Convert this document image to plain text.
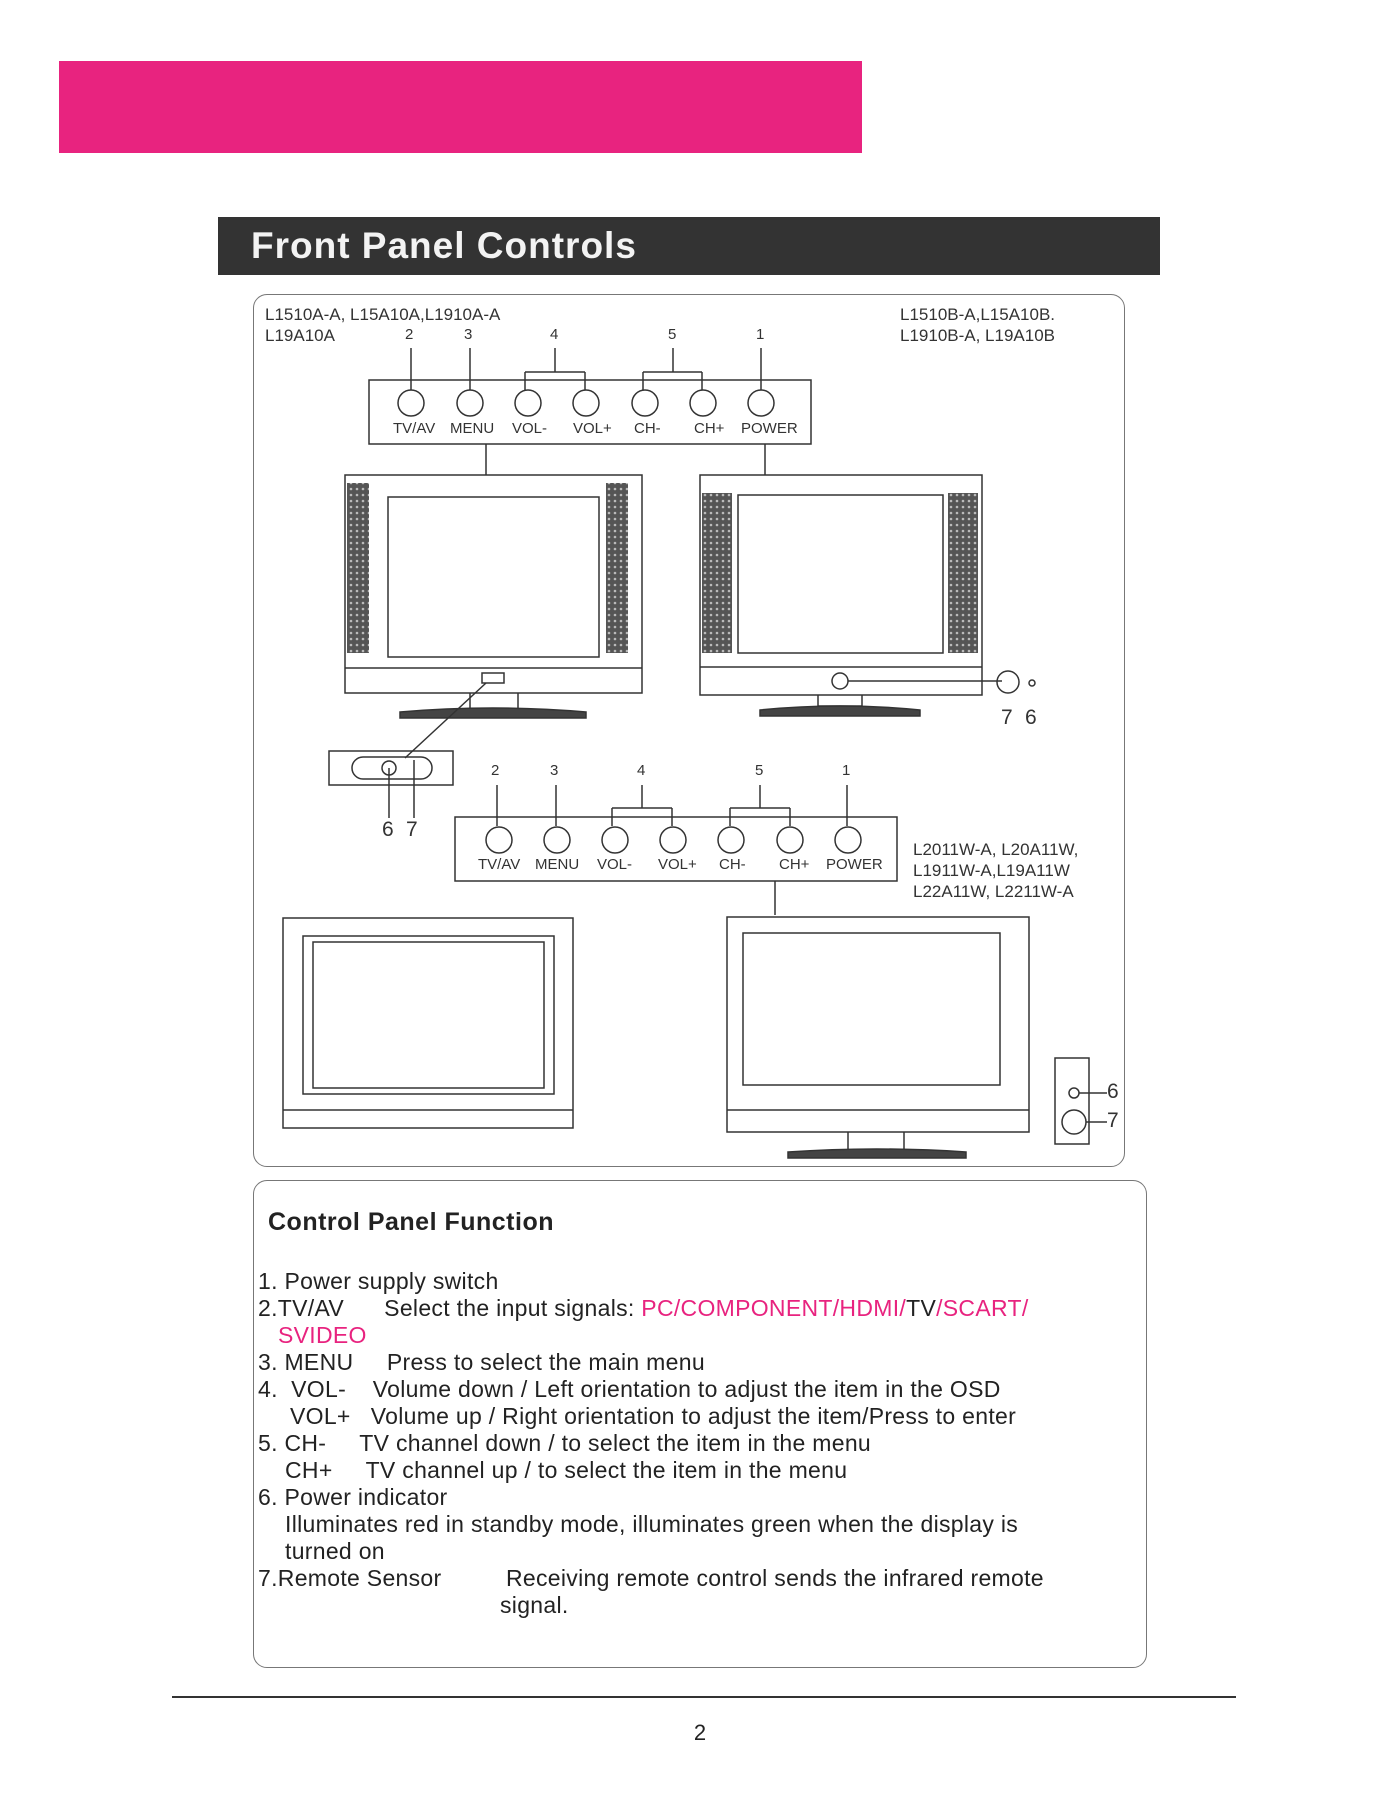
Front Panel Controls
L1510A-A, L15A10A,L1910A-A
L19A10A
L1510B-A,L15A10B.
L1910B-A, L19A10B
L2011W-A, L20A11W,
L1911W-A,L19A11W
L22A11W, L2211W-A
2	3	4	5	1
TV/AV MENU VOL- VOL+ CH- CH+ POWER
7 6
6 7
2	3	4	5	1
TV/AV MENU VOL- VOL+ CH- CH+ POWER
6
7
Control Panel Function
1. Power supply switch
2.TV/AV      Select the input signals: PC/COMPONENT/HDMI/TV/SCART/
SVIDEO
3. MENU     Press to select the main menu
4.  VOL-    Volume down / Left orientation to adjust the item in the OSD
VOL+   Volume up / Right orientation to adjust the item/Press to enter
5. CH-     TV channel down / to select the item in the menu
CH+     TV channel up / to select the item in the menu
6. Power indicator
Illuminates red in standby mode, illuminates green when the display is
turned on
7.Remote Sensor	Receiving remote control sends the infrared remote
signal.
2
